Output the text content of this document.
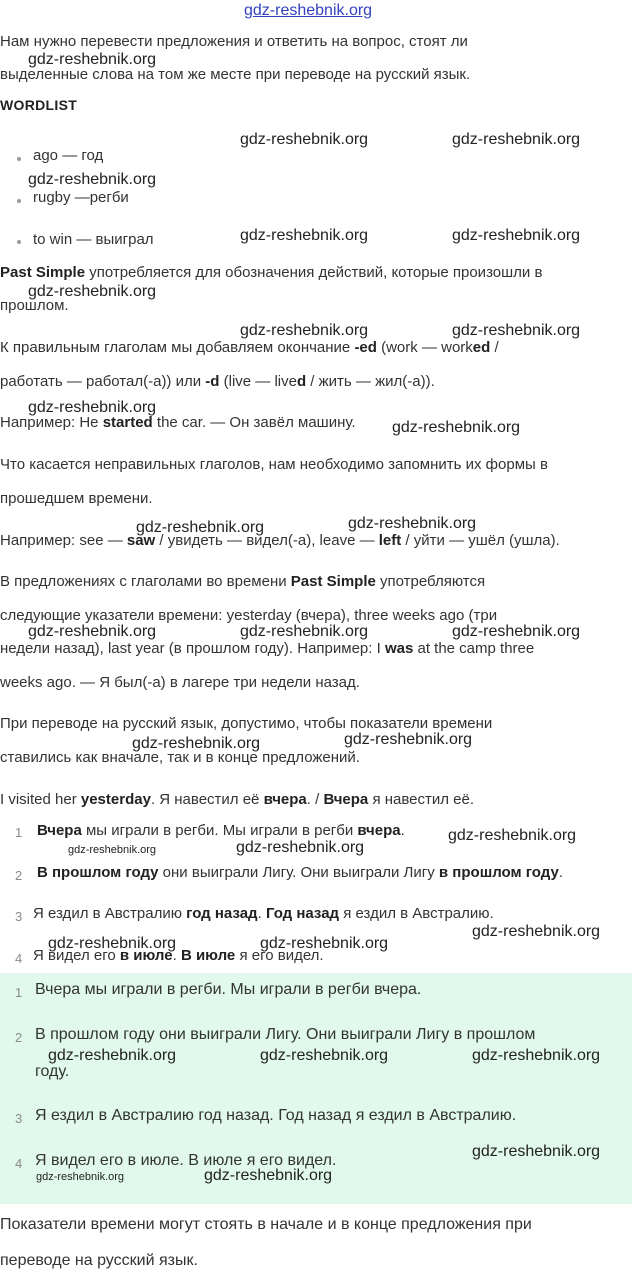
Нам нужно перевести предложения и ответить на вопрос, стоят ли
выделенные слова на том же месте при переводе на русский язык.
WORDLIST
ago — год
rugby —регби
to win — выиграл
Past Simple употребляется для обозначения действий, которые произошли в
прошлом.
К правильным глаголам мы добавляем окончание -ed (work — worked /
работать — работал(-а)) или -d (live — lived / жить — жил(-а)).
Например: He started the car. — Он завёл машину.
Что касается неправильных глаголов, нам необходимо запомнить их формы в
прошедшем времени.
Например: see — saw / увидеть — видел(-а), leave — left / уйти — ушёл (ушла).
В предложениях с глаголами во времени Past Simple употребляются
следующие указатели времени: yesterday (вчера), three weeks ago (три
недели назад), last year (в прошлом году). Например: I was at the camp three
weeks ago. — Я был(-а) в лагере три недели назад.
При переводе на русский язык, допустимо, чтобы показатели времени
ставились как вначале, так и в конце предложений.
I visited her yesterday. Я навестил её вчера. / Вчера я навестил её.
1 Вчера мы играли в регби. Мы играли в регби вчера.
2 В прошлом году они выиграли Лигу. Они выиграли Лигу в прошлом году.
3 Я ездил в Австралию год назад. Год назад я ездил в Австралию.
4 Я видел его в июле. В июле я его видел.
1 Вчера мы играли в регби. Мы играли в регби вчера.
2 В прошлом году они выиграли Лигу. Они выиграли Лигу в прошлом
году.
3 Я ездил в Австралию год назад. Год назад я ездил в Австралию.
4 Я видел его в июле. В июле я его видел.
Показатели времени могут стоять в начале и в конце предложения при
переводе на русский язык.
gdz-reshebnik.org
gdz-reshebnik.org
gdz-reshebnik.org	gdz-reshebnik.org
gdz-reshebnik.org
gdz-reshebnik.org	gdz-reshebnik.org
gdz-reshebnik.org
gdz-reshebnik.org	gdz-reshebnik.org
gdz-reshebnik.org
gdz-reshebnik.org
gdz-reshebnik.org	gdz-reshebnik.org
gdz-reshebnik.org	gdz-reshebnik.org	gdz-reshebnik.org
gdz-reshebnik.org	gdz-reshebnik.org
gdz-reshebnik.org
gdz-reshebnik.org	gdz-reshebnik.org
gdz-reshebnik.org
gdz-reshebnik.org	gdz-reshebnik.org
gdz-reshebnik.org	gdz-reshebnik.org	gdz-reshebnik.org
gdz-reshebnik.org
gdz-reshebnik.org	gdz-reshebnik.org
